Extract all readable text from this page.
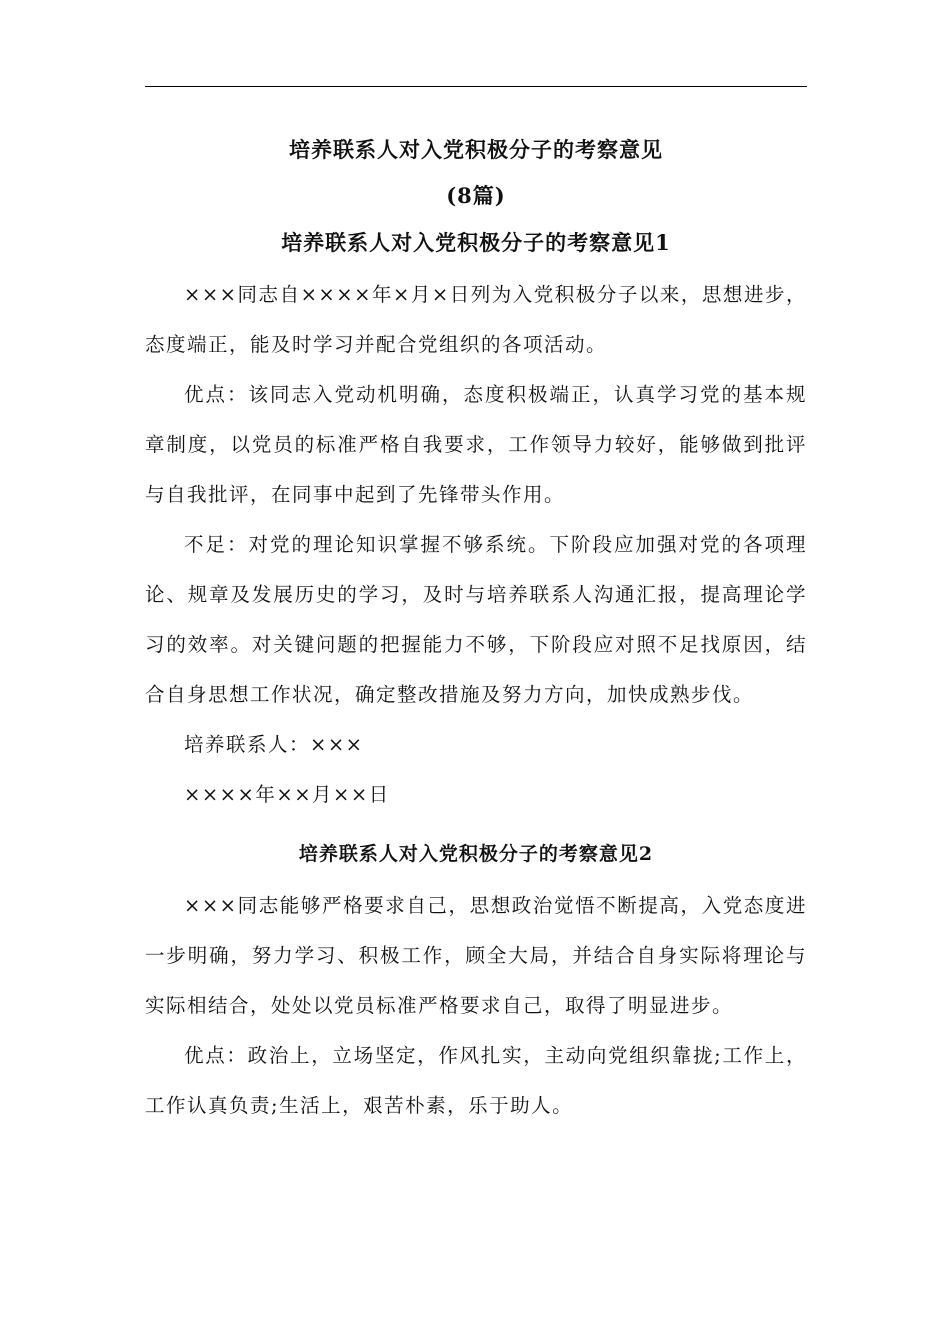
培养联系人对入党积极分子的考察意见
(8篇)
培养联系人对入党积极分子的考察意见1

×××同志自××××年×月×日列为入党积极分子以来，思想进步，态度端正，能及时学习并配合党组织的各项活动。

优点：该同志入党动机明确，态度积极端正，认真学习党的基本规章制度，以党员的标准严格自我要求，工作领导力较好，能够做到批评与自我批评，在同事中起到了先锋带头作用。

不足：对党的理论知识掌握不够系统。下阶段应加强对党的各项理论、规章及发展历史的学习，及时与培养联系人沟通汇报，提高理论学习的效率。对关键问题的把握能力不够，下阶段应对照不足找原因，结合自身思想工作状况，确定整改措施及努力方向，加快成熟步伐。

培养联系人：×××

××××年××月××日

培养联系人对入党积极分子的考察意见2

×××同志能够严格要求自己，思想政治觉悟不断提高，入党态度进一步明确，努力学习、积极工作，顾全大局，并结合自身实际将理论与实际相结合，处处以党员标准严格要求自己，取得了明显进步。

优点：政治上，立场坚定，作风扎实，主动向党组织靠拢;工作上，工作认真负责;生活上，艰苦朴素，乐于助人。
